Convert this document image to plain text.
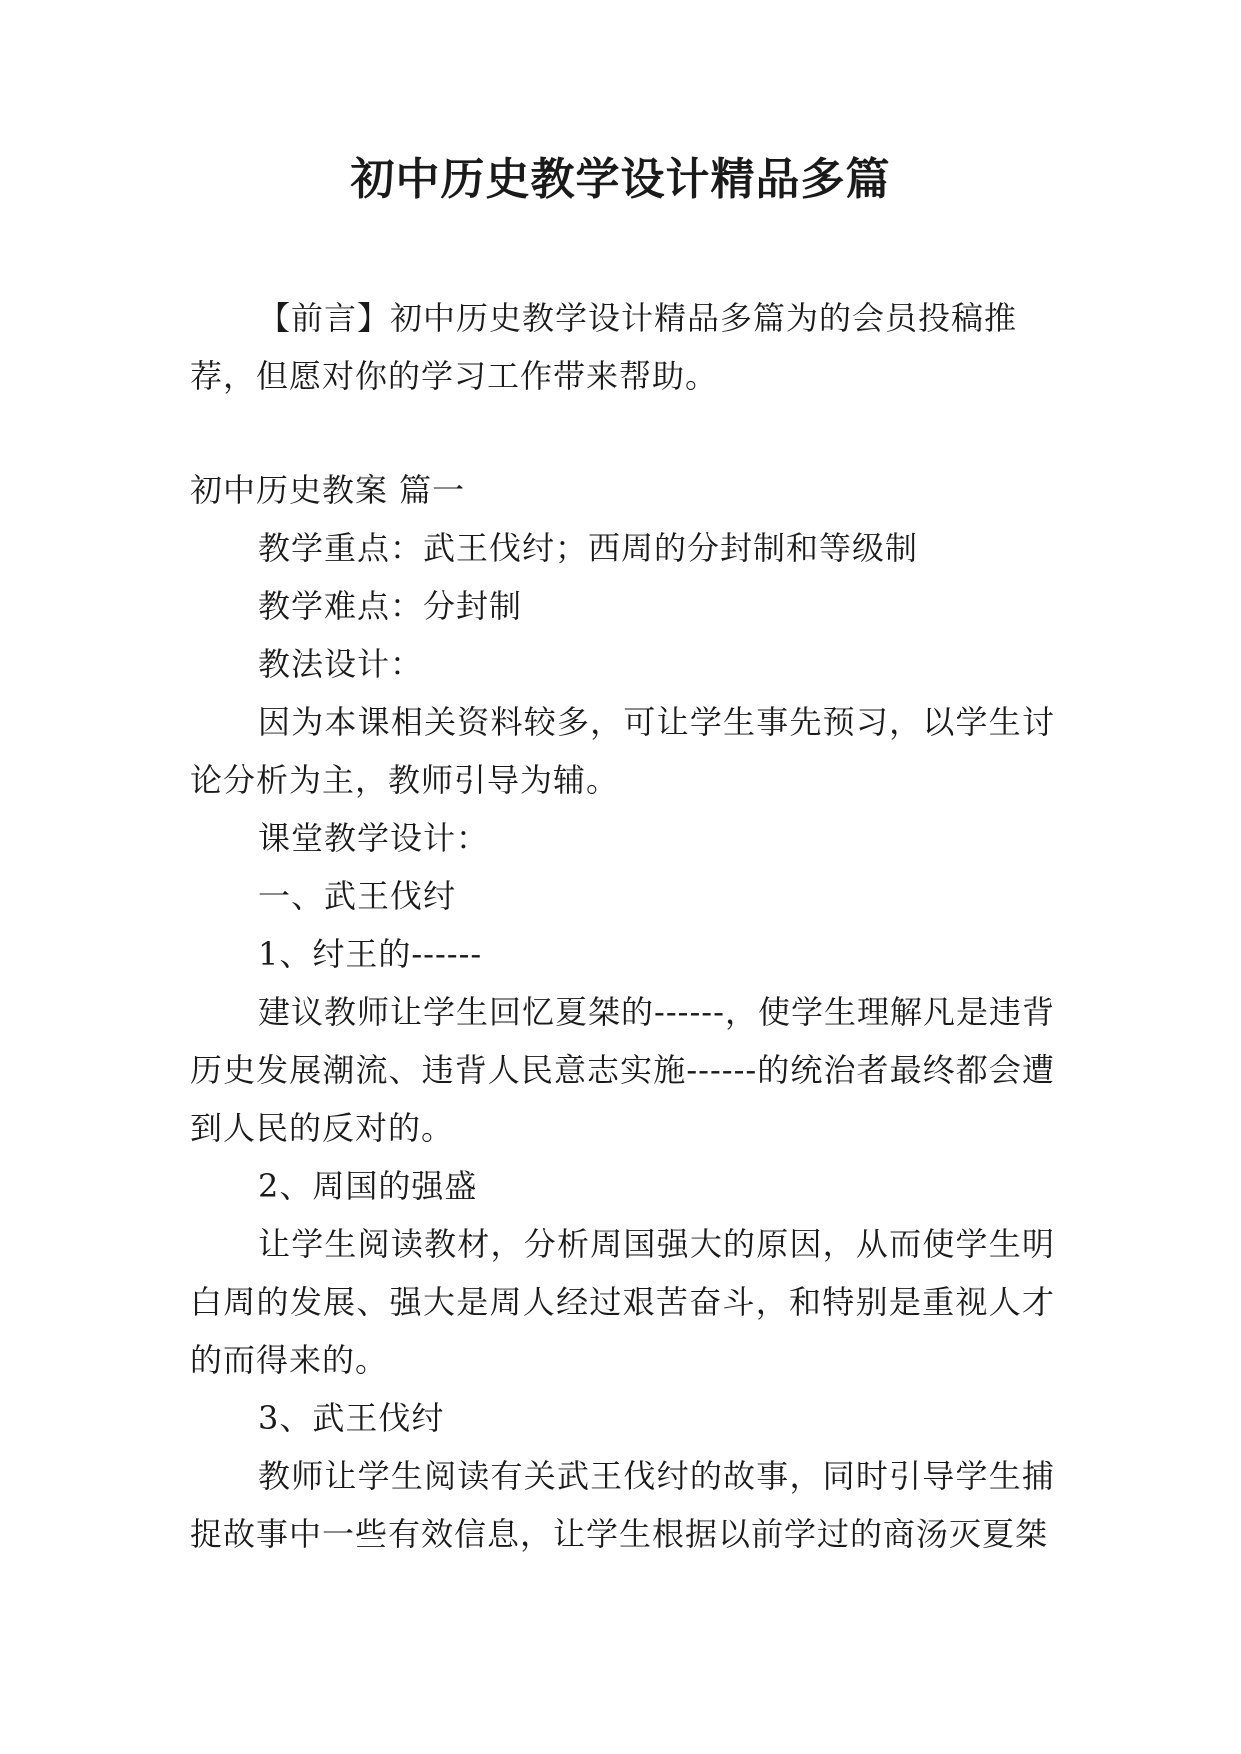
初中历史教学设计精品多篇
【前言】初中历史教学设计精品多篇为的会员投稿推荐，但愿对你的学习工作带来帮助。

初中历史教案 篇一

教学重点：武王伐纣；西周的分封制和等级制

教学难点：分封制

教法设计：

因为本课相关资料较多，可让学生事先预习，以学生讨论分析为主，教师引导为辅。

课堂教学设计：

一、武王伐纣

1、纣王的------

建议教师让学生回忆夏桀的------，使学生理解凡是违背历史发展潮流、违背人民意志实施------的统治者最终都会遭到人民的反对的。

2、周国的强盛

让学生阅读教材，分析周国强大的原因，从而使学生明白周的发展、强大是周人经过艰苦奋斗，和特别是重视人才的而得来的。

3、武王伐纣

教师让学生阅读有关武王伐纣的故事，同时引导学生捕捉故事中一些有效信息，让学生根据以前学过的商汤灭夏桀
